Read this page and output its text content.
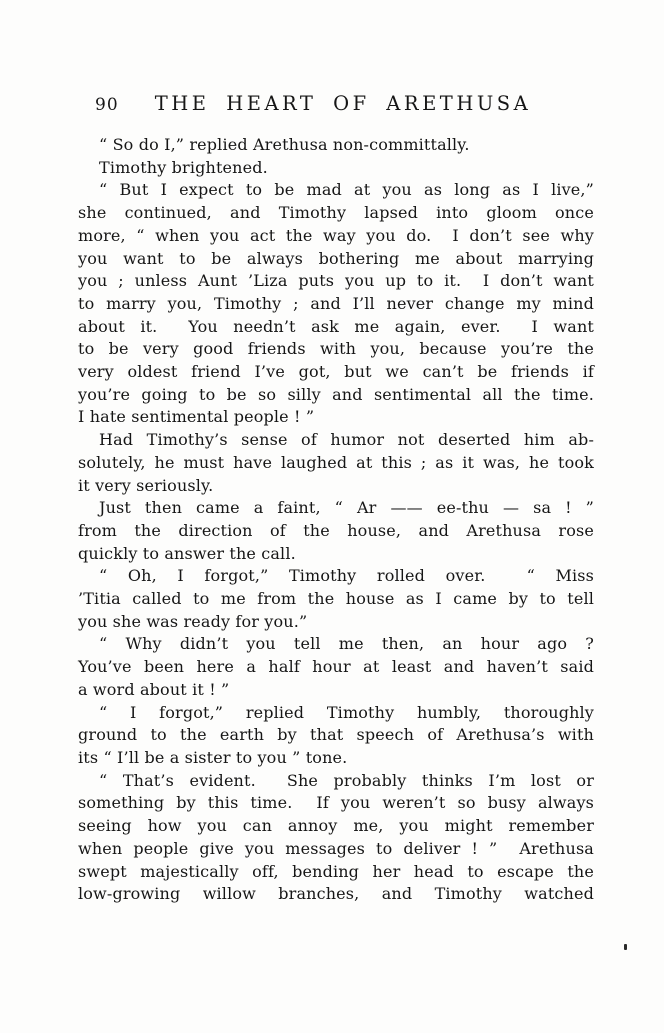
90	THE HEART OF ARETHUSA
“ So do I,” replied Arethusa non-committally.
Timothy brightened.
“ But I expect to be mad at you as long as I live,”
she continued, and Timothy lapsed into gloom once
more, “ when you act the way you do.  I don’t see why
you want to be always bothering me about marrying
you ; unless Aunt ’Liza puts you up to it.  I don’t want
to marry you, Timothy ; and I’ll never change my mind
about it.  You needn’t ask me again, ever.  I want
to be very good friends with you, because you’re the
very oldest friend I’ve got, but we can’t be friends if
you’re going to be so silly and sentimental all the time.
I hate sentimental people ! ”
Had Timothy’s sense of humor not deserted him ab-
solutely, he must have laughed at this ; as it was, he took
it very seriously.
Just then came a faint, “ Ar —— ee-thu — sa ! ”
from the direction of the house, and Arethusa rose
quickly to answer the call.
“ Oh, I forgot,” Timothy rolled over.  “ Miss
’Titia called to me from the house as I came by to tell
you she was ready for you.”
“ Why didn’t you tell me then, an hour ago ?
You’ve been here a half hour at least and haven’t said
a word about it ! ”
“ I forgot,” replied Timothy humbly, thoroughly
ground to the earth by that speech of Arethusa’s with
its “ I’ll be a sister to you ” tone.
“ That’s evident.  She probably thinks I’m lost or
something by this time.  If you weren’t so busy always
seeing how you can annoy me, you might remember
when people give you messages to deliver ! ”  Arethusa
swept majestically off, bending her head to escape the
low-growing willow branches, and Timothy watched
